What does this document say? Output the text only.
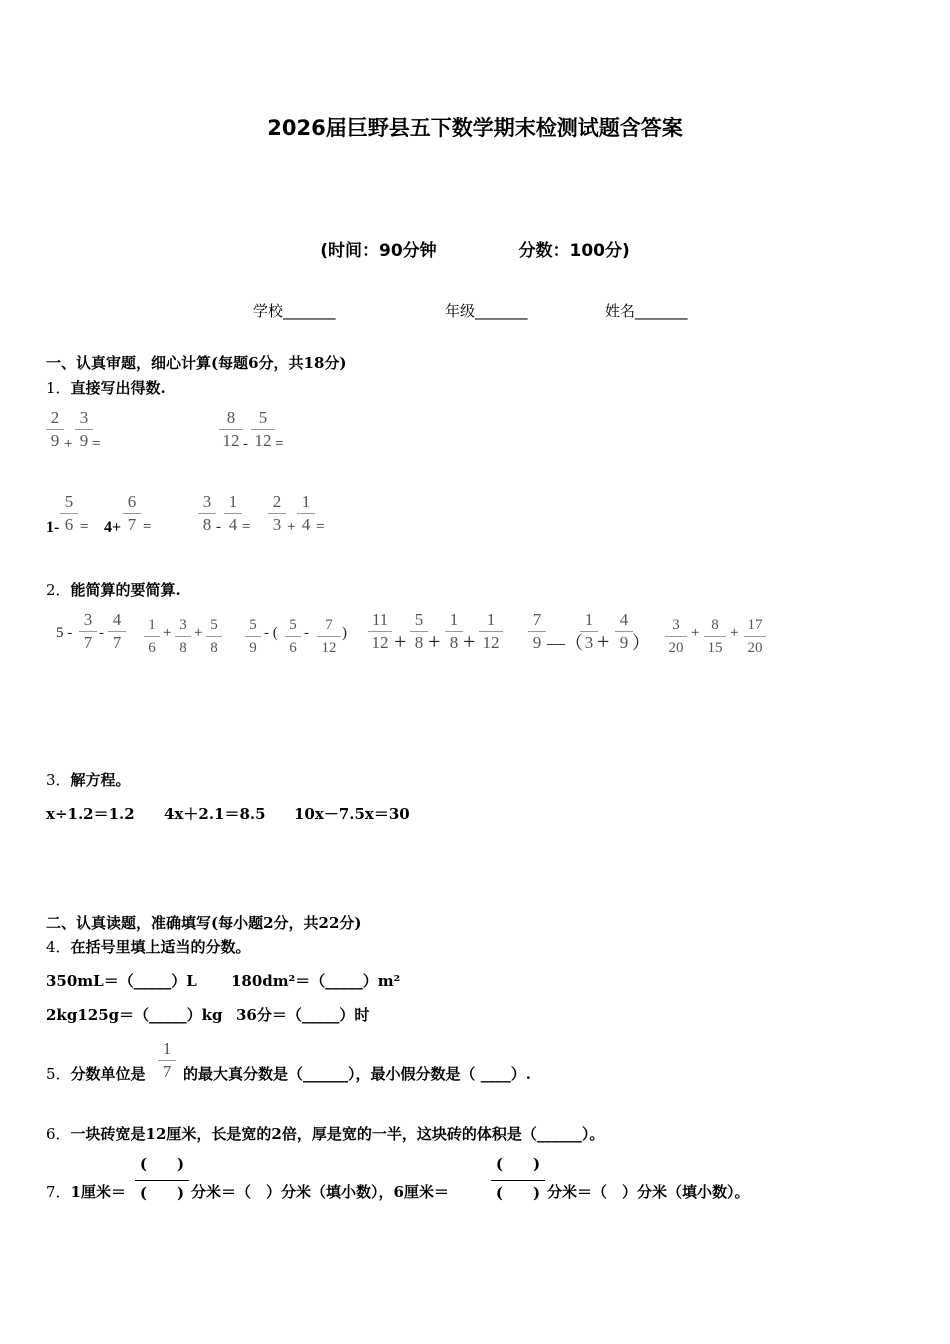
2026届巨野县五下数学期末检测试题含答案
(时间：90分钟	分数：100分)
学校_______	年级_______	姓名_______
一、认真审题，细心计算(每题6分，共18分)
1．直接写出得数.
2
9 +
3
9 =
8
12 -
5
12 =
1-
5
6 = 4+
6
7 =
3
8 -
1
4 =
2
3 +
1
4 =
2．能简算的要简算.
5 -
3
7 -
4
7
1
6
+ 3
8
+ 5
8
5
9
- ( 5
6
-	7
12
)
11
12 +
5
8 +
1
8 +
1
12
7
9 —（
1
3 +
4
9 ）
3
20
+ 8
15
+ 17
20
3．解方程。
x÷1.2＝1.2 4x＋2.1＝8.5 10x－7.5x＝30
二、认真读题，准确填写(每小题2分，共22分)
4．在括号里填上适当的分数。
350mL＝（_____）L 180dm²＝（_____）m²
2kg125g＝（_____）kg 36分＝（_____）时
5．分数单位是
1
7 的最大真分数是（______），最小假分数是（ ____）.
6．一块砖宽是12厘米，长是宽的2倍，厚是宽的一半，这块砖的体积是（______）。
7．1厘米＝
(　　)
(　　) 分米＝（　）分米（填小数），6厘米＝
(　　)
(　　) 分米＝（　）分米（填小数）。
